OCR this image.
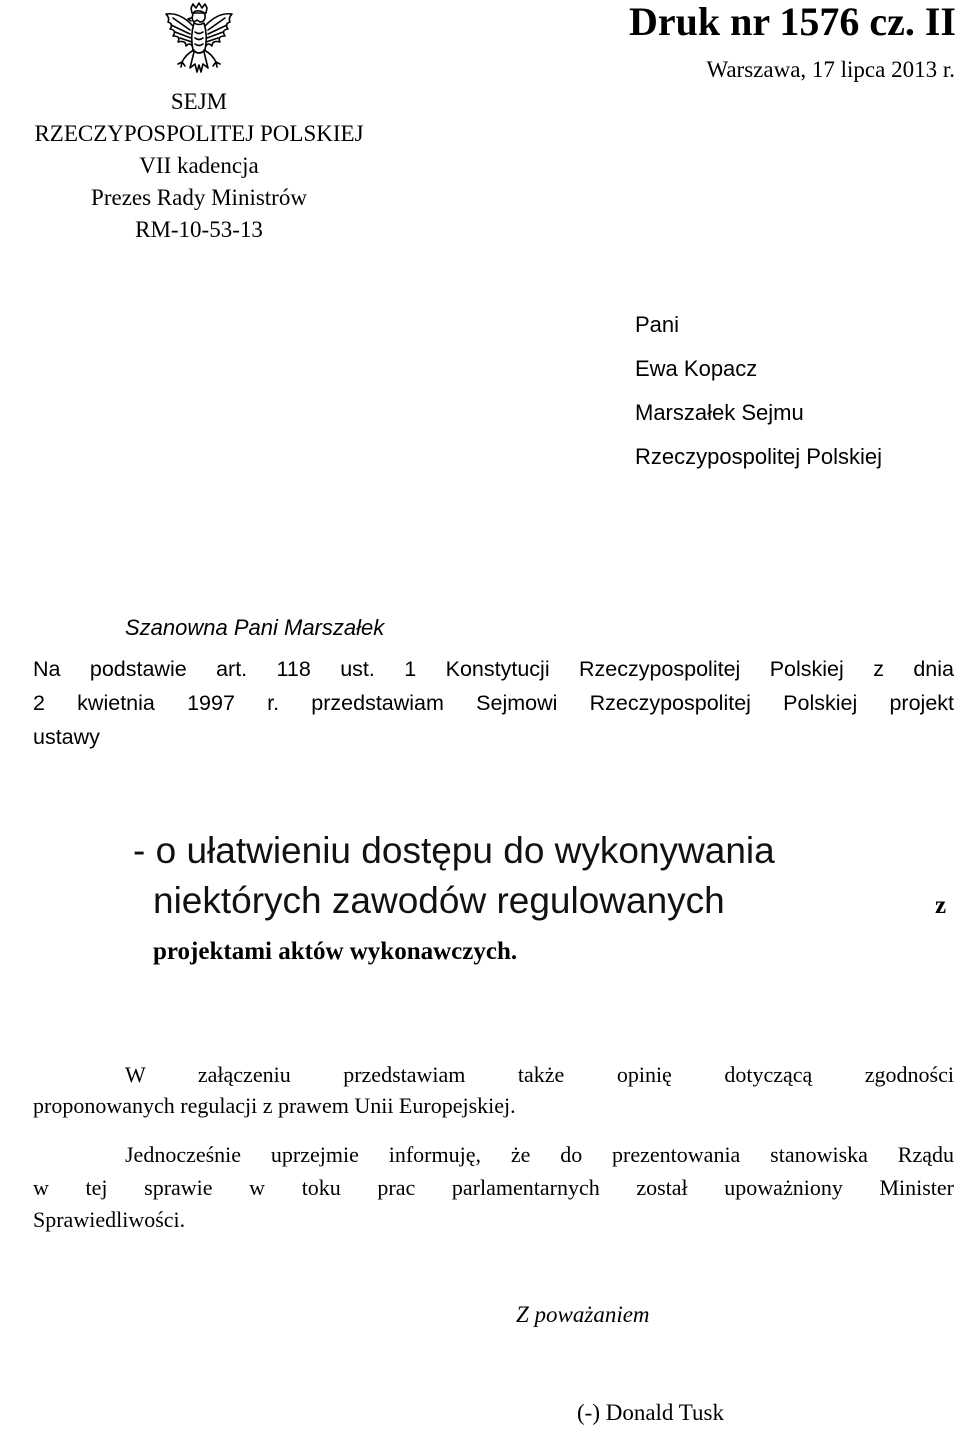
SEJM
RZECZYPOSPOLITEJ POLSKIEJ
VII kadencja
Prezes Rady Ministrów
RM-10-53-13
Druk nr 1576 cz. II
Warszawa, 17 lipca 2013 r.
Pani
Ewa Kopacz
Marszałek Sejmu
Rzeczypospolitej Polskiej
Szanowna Pani Marszałek
Na podstawie art. 118 ust. 1 Konstytucji Rzeczypospolitej Polskiej z dnia
2 kwietnia 1997 r. przedstawiam Sejmowi Rzeczypospolitej Polskiej projekt
ustawy
- o ułatwieniu dostępu do wykonywania
niektórych zawodów regulowanych	z
projektami aktów wykonawczych.
W załączeniu przedstawiam także opinię dotyczącą zgodności
proponowanych regulacji z prawem Unii Europejskiej.
Jednocześnie uprzejmie informuję, że do prezentowania stanowiska Rządu
w tej sprawie w toku prac parlamentarnych został upoważniony Minister
Sprawiedliwości.
Z poważaniem
(-) Donald Tusk
